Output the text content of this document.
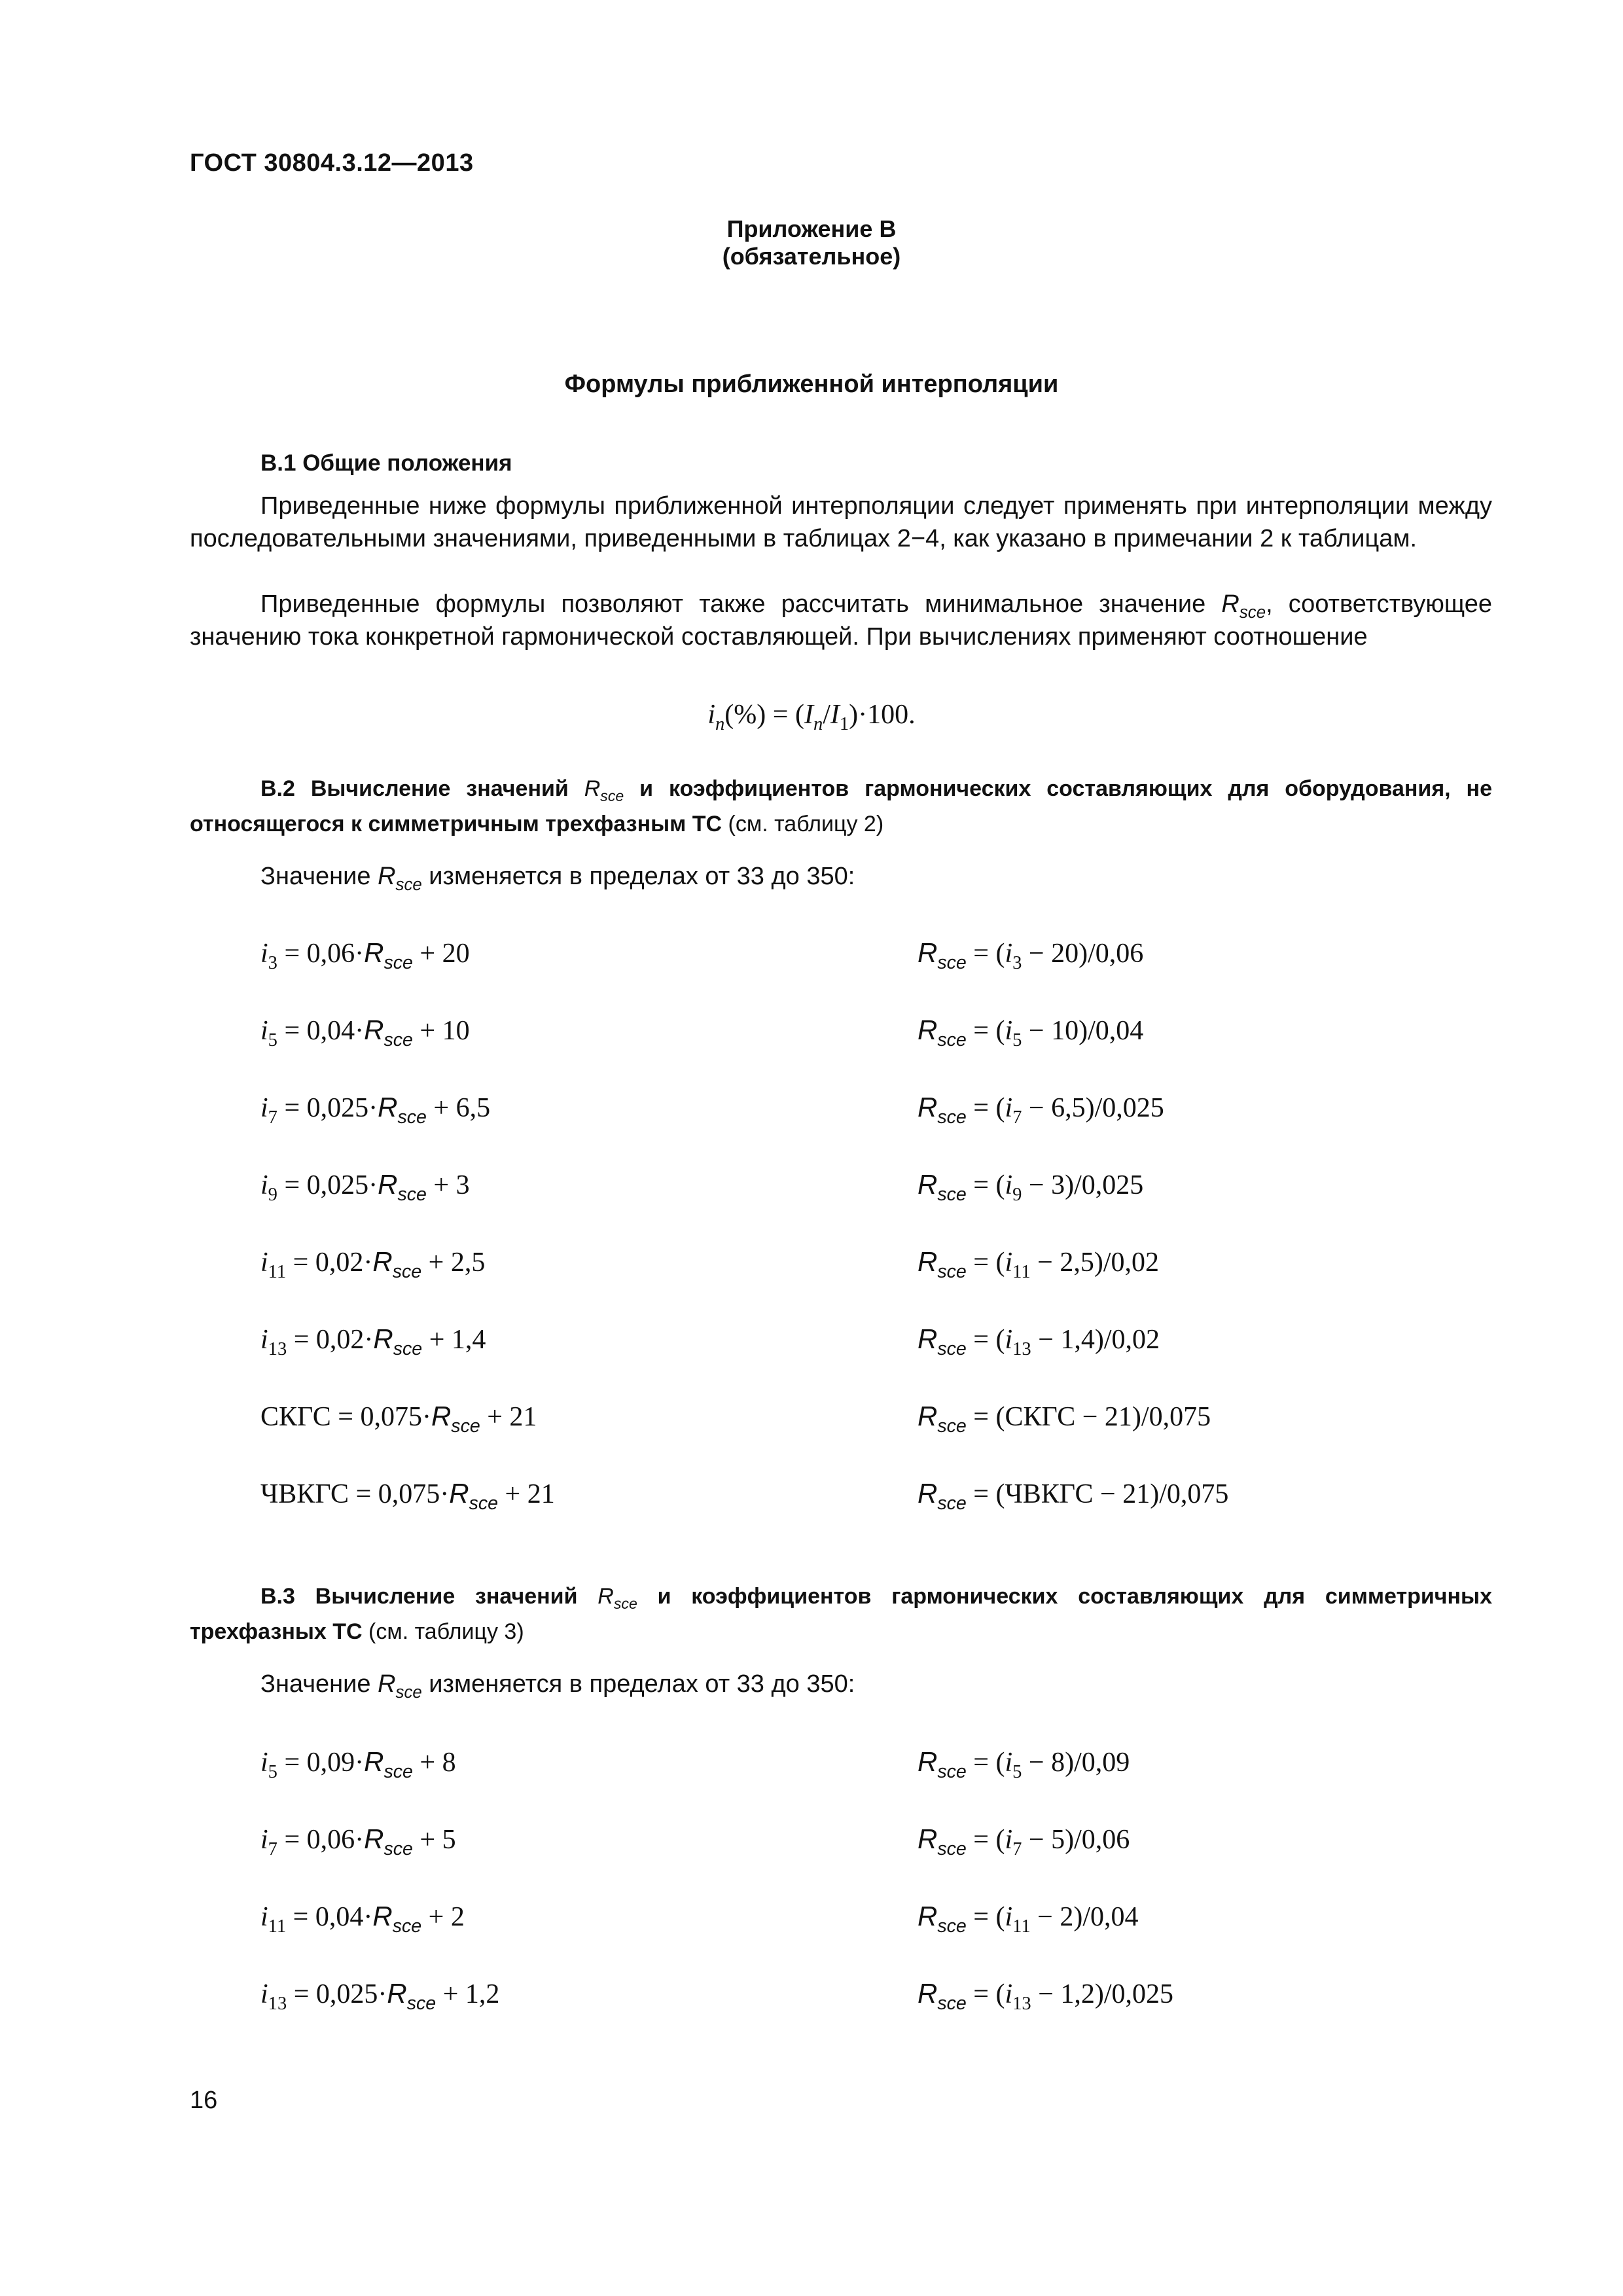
ГОСТ 30804.3.12—2013
Приложение В
(обязательное)
Формулы приближенной интерполяции
В.1 Общие положения
Приведенные ниже формулы приближенной интерполяции следует применять при интерполяции между последовательными значениями, приведенными в таблицах 2−4, как указано в примечании 2 к таблицам.
Приведенные формулы позволяют также рассчитать минимальное значение $R_{sce}$, соответствующее значению тока конкретной гармонической составляющей. При вычислениях применяют соотношение
$i_n(\%) = (I_n/I_1)\cdot 100$.
В.2 Вычисление значений $R_{sce}$ и коэффициентов гармонических составляющих для оборудования, не относящегося к симметричным трехфазным ТС (см. таблицу 2)
Значение $R_{sce}$ изменяется в пределах от 33 до 350:
$i_3 = 0,06\cdot R_{sce} + 20$	$R_{sce} = (i_3 - 20)/0,06$
$i_5 = 0,04\cdot R_{sce} + 10$	$R_{sce} = (i_5 - 10)/0,04$
$i_7 = 0,025\cdot R_{sce} + 6,5$	$R_{sce} = (i_7 - 6,5)/0,025$
$i_9 = 0,025\cdot R_{sce} + 3$	$R_{sce} = (i_9 - 3)/0,025$
$i_{11} = 0,02\cdot R_{sce} + 2,5$	$R_{sce} = (i_{11} - 2,5)/0,02$
$i_{13} = 0,02\cdot R_{sce} + 1,4$	$R_{sce} = (i_{13} - 1,4)/0,02$
СКГС = $0,075\cdot R_{sce} + 21$	$R_{sce}$ = (СКГС − 21)/0,075
ЧВКГС = $0,075\cdot R_{sce} + 21$	$R_{sce}$ = (ЧВКГС − 21)/0,075
В.3 Вычисление значений $R_{sce}$ и коэффициентов гармонических составляющих для симметричных трехфазных ТС (см. таблицу 3)
Значение $R_{sce}$ изменяется в пределах от 33 до 350:
$i_5 = 0,09\cdot R_{sce} + 8$	$R_{sce} = (i_5 - 8)/0,09$
$i_7 = 0,06\cdot R_{sce} + 5$	$R_{sce} = (i_7 - 5)/0,06$
$i_{11} = 0,04\cdot R_{sce} + 2$	$R_{sce} = (i_{11} - 2)/0,04$
$i_{13} = 0,025\cdot R_{sce} + 1,2$	$R_{sce} = (i_{13} - 1,2)/0,025$
16
